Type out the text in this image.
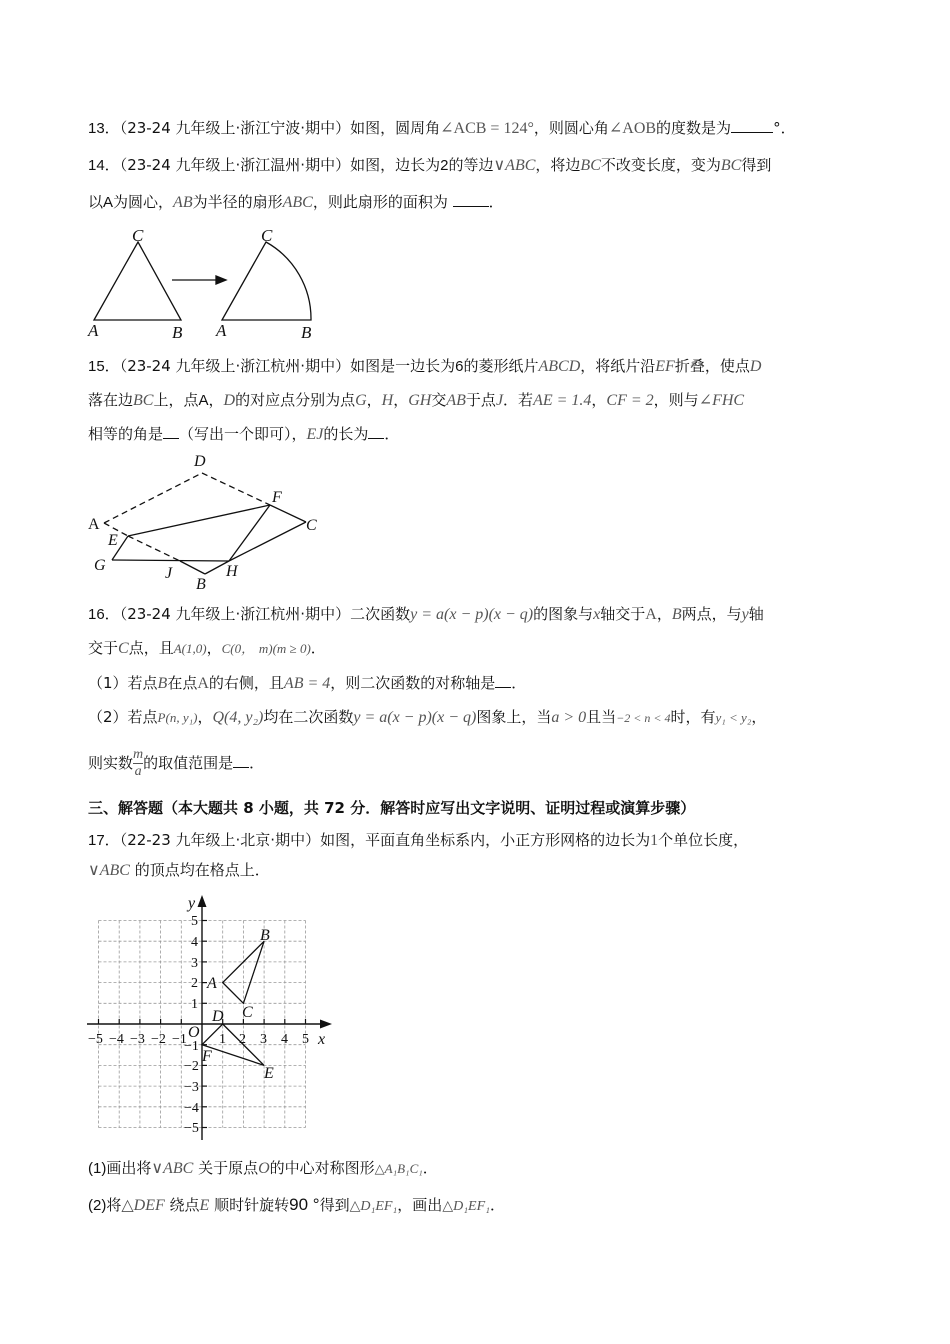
13．（23-24 九年级上·浙江宁波·期中）如图，圆周角∠ACB = 124°，则圆心角∠AOB的度数是为	°．
14．（23-24 九年级上·浙江温州·期中）如图，边长为2的等边∨ABC，将边BC不改变长度，变为BC得到
以A为圆心，AB为半径的扇形ABC，则此扇形的面积为	．
C
A	B
C
A	B
15．（23-24 九年级上·浙江杭州·期中）如图是一边长为6的菱形纸片ABCD，将纸片沿EF折叠，使点D
落在边BC上，点A，D的对应点分别为点G，H，GH交AB于点J．若AE = 1.4，CF = 2，则与∠FHC
相等的角是 （写出一个即可），EJ的长为 ．
D
F
A	C
E
G	J	H
B
16．（23-24 九年级上·浙江杭州·期中）二次函数y = a(x − p)(x − q)的图象与x轴交于A，B两点，与y轴
交于C点，且A(1,0)，C(0， m)(m ≥ 0)．
（1）若点B在点A的右侧，且AB = 4，则二次函数的对称轴是 ．
（2）若点P(n, y₁)，Q(4, y₂)均在二次函数y = a(x − p)(x − q)图象上，当a > 0且当−2 < n < 4时，有y₁ < y₂，
则实数 $\frac{m}{a}$ 的取值范围是 ．
三、解答题（本大题共 8 小题，共 72 分．解答时应写出文字说明、证明过程或演算步骤）
17．（22-23 九年级上·北京·期中）如图，平面直角坐标系内，小正方形网格的边长为1个单位长度，
∨ABC 的顶点均在格点上．
−5 −4 −3 −2 −1 1 2 3 4 5
5
4
3
2
1
−1
−2
−3
−4
−5
y
x
O
A
B
C
D
E
F
(1)画出将∨ABC 关于原点O的中心对称图形△A₁B₁C₁．
(2)将△DEF 绕点E 顺时针旋转90 °得到△D₁EF₁，画出△D₁EF₁．
